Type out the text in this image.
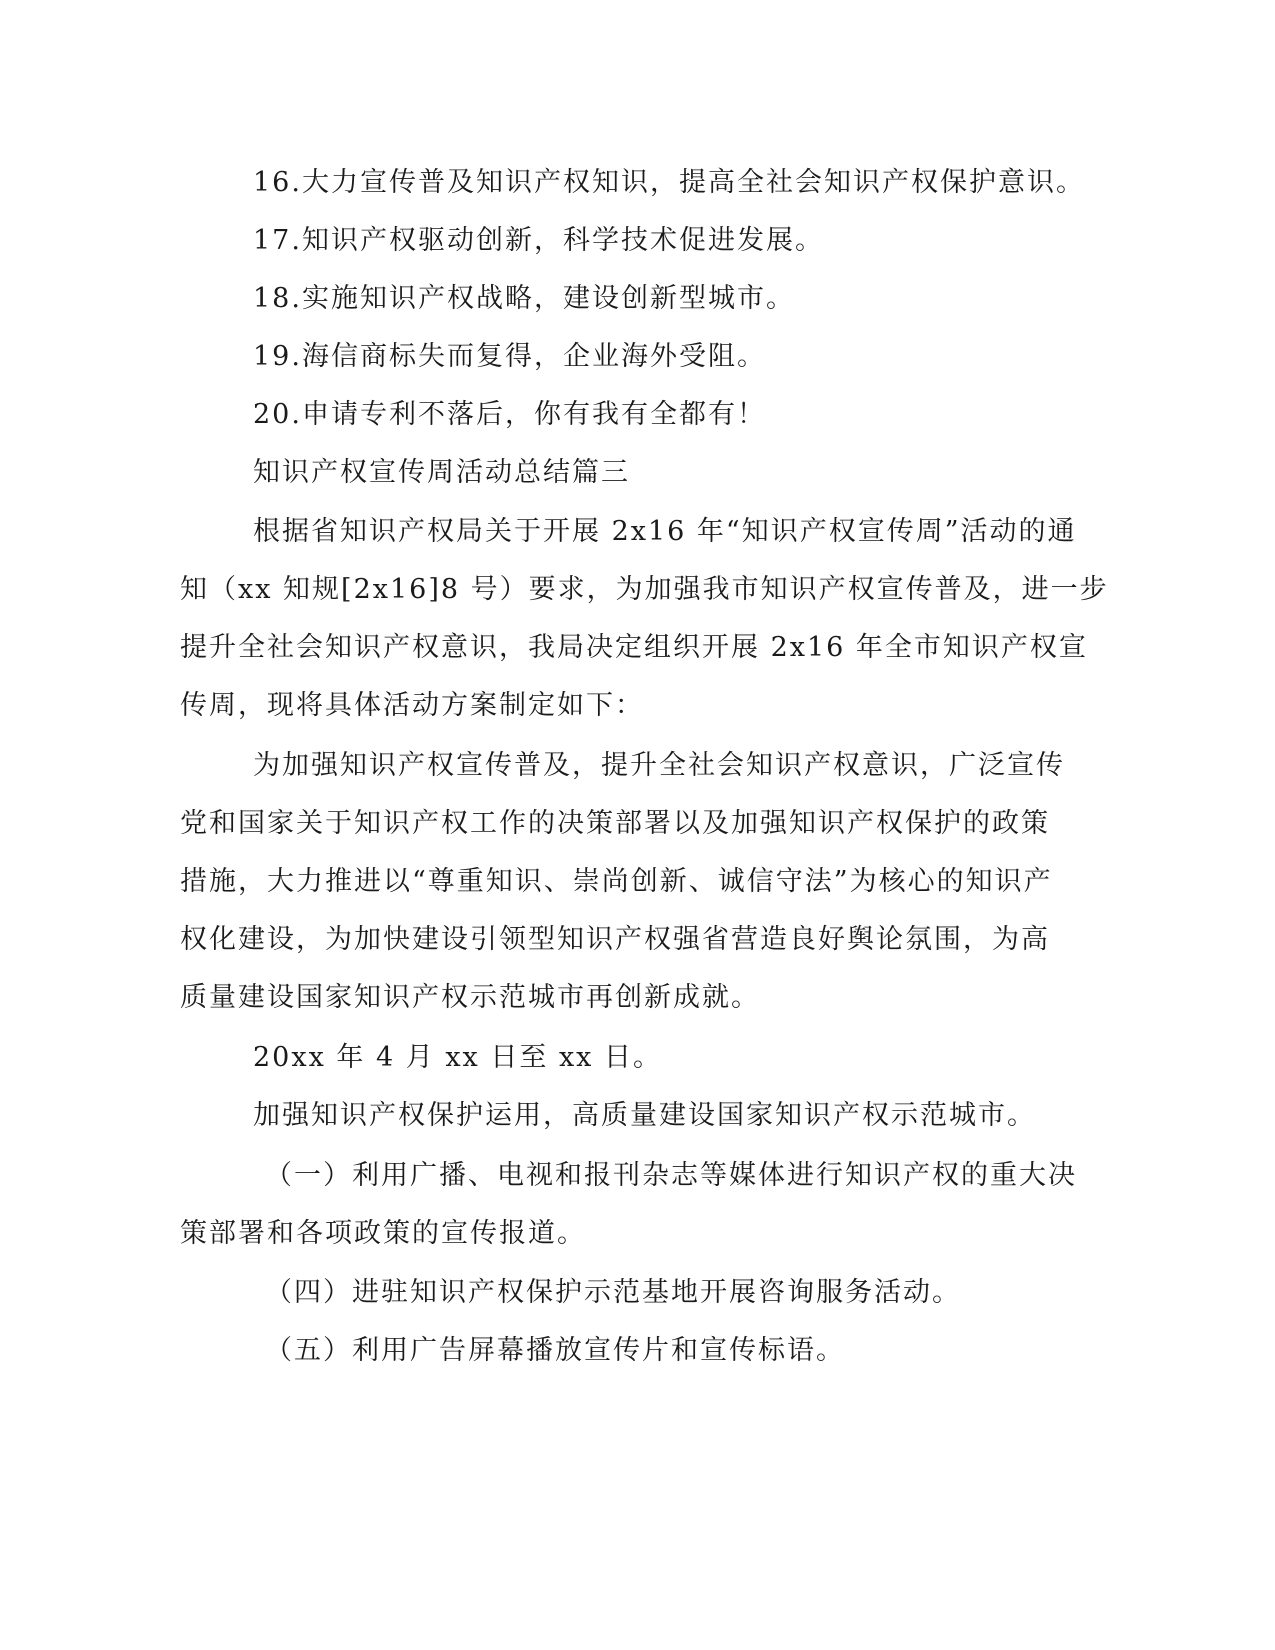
16.大力宣传普及知识产权知识，提高全社会知识产权保护意识。
17.知识产权驱动创新，科学技术促进发展。
18.实施知识产权战略，建设创新型城市。
19.海信商标失而复得，企业海外受阻。
20.申请专利不落后，你有我有全都有！
知识产权宣传周活动总结篇三
根据省知识产权局关于开展 2x16 年“知识产权宣传周”活动的通
知（xx 知规[2x16]8 号）要求，为加强我市知识产权宣传普及，进一步
提升全社会知识产权意识，我局决定组织开展 2x16 年全市知识产权宣
传周，现将具体活动方案制定如下：
为加强知识产权宣传普及，提升全社会知识产权意识，广泛宣传
党和国家关于知识产权工作的决策部署以及加强知识产权保护的政策
措施，大力推进以“尊重知识、崇尚创新、诚信守法”为核心的知识产
权化建设，为加快建设引领型知识产权强省营造良好舆论氛围，为高
质量建设国家知识产权示范城市再创新成就。
20xx 年 4 月 xx 日至 xx 日。
加强知识产权保护运用，高质量建设国家知识产权示范城市。
（一）利用广播、电视和报刊杂志等媒体进行知识产权的重大决
策部署和各项政策的宣传报道。
（四）进驻知识产权保护示范基地开展咨询服务活动。
（五）利用广告屏幕播放宣传片和宣传标语。
